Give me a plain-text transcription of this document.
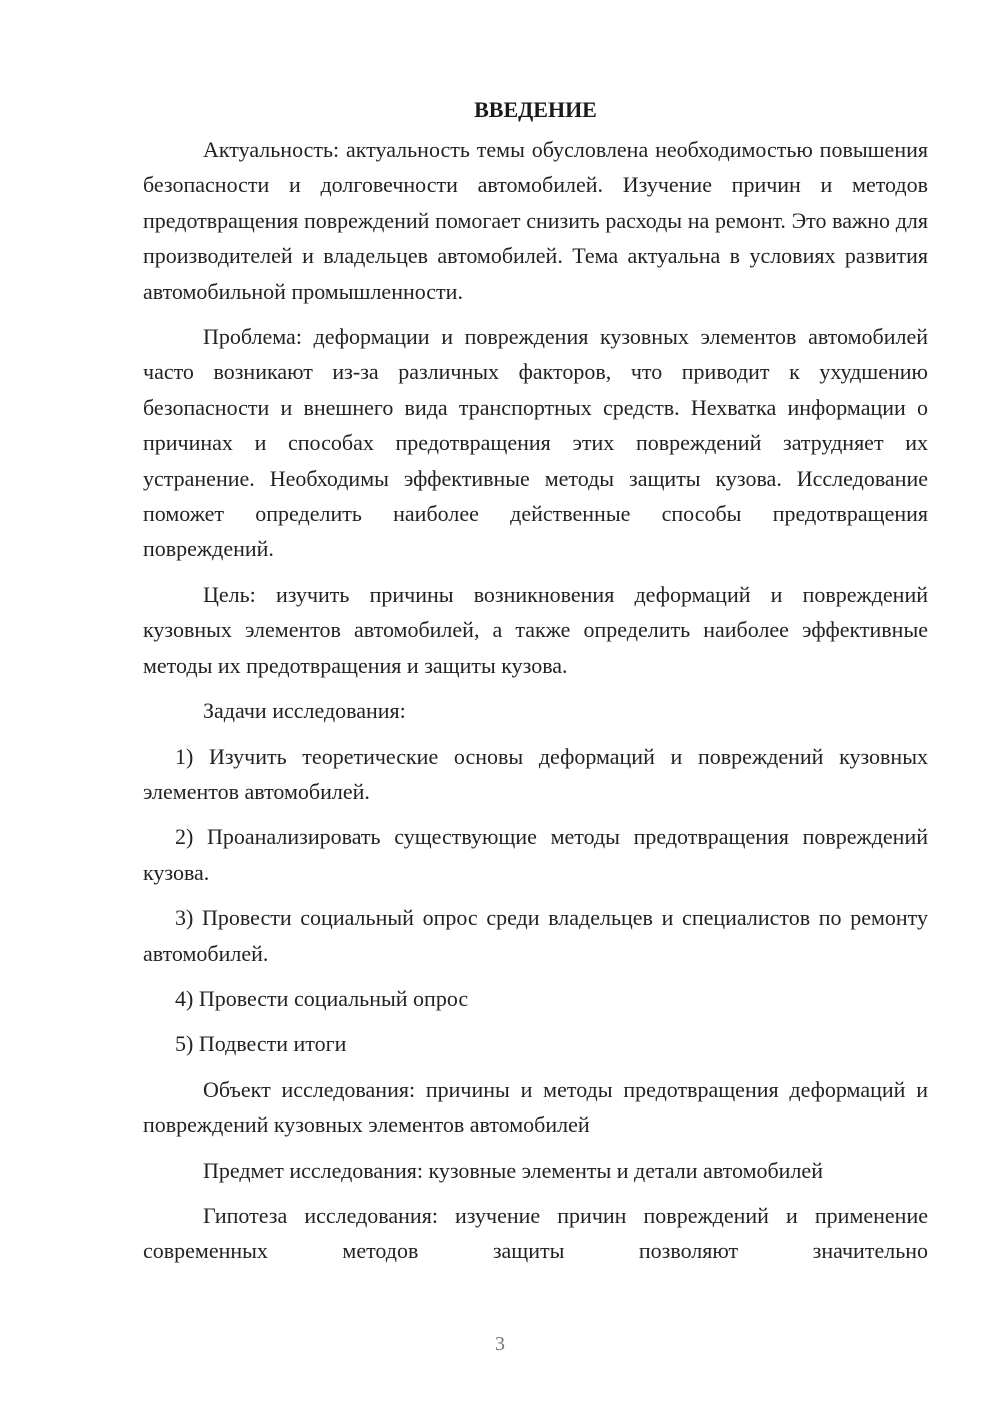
ВВЕДЕНИЕ

Актуальность: актуальность темы обусловлена необходимостью повышения безопасности и долговечности автомобилей. Изучение причин и методов предотвращения повреждений помогает снизить расходы на ремонт. Это важно для производителей и владельцев автомобилей. Тема актуальна в условиях развития автомобильной промышленности.

Проблема: деформации и повреждения кузовных элементов автомобилей часто возникают из-за различных факторов, что приводит к ухудшению безопасности и внешнего вида транспортных средств. Нехватка информации о причинах и способах предотвращения этих повреждений затрудняет их устранение. Необходимы эффективные методы защиты кузова. Исследование поможет определить наиболее действенные способы предотвращения повреждений.

Цель: изучить причины возникновения деформаций и повреждений кузовных элементов автомобилей, а также определить наиболее эффективные методы их предотвращения и защиты кузова.

Задачи исследования:

1) Изучить теоретические основы деформаций и повреждений кузовных элементов автомобилей.

2) Проанализировать существующие методы предотвращения повреждений кузова.

3) Провести социальный опрос среди владельцев и специалистов по ремонту автомобилей.

4) Провести социальный опрос

5) Подвести итоги

Объект исследования: причины и методы предотвращения деформаций и повреждений кузовных элементов автомобилей

Предмет исследования: кузовные элементы и детали автомобилей

Гипотеза исследования: изучение причин повреждений и применение современных методов защиты позволяют значительно

3
